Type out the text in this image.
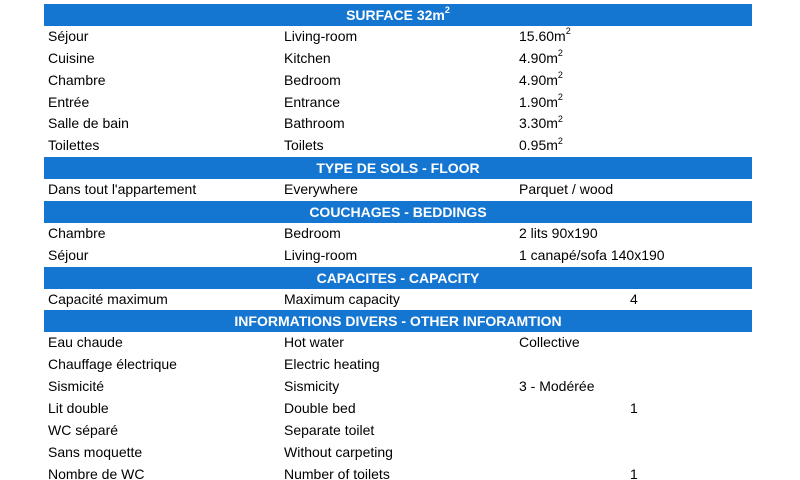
SURFACE $32m^2$
Séjour	Living-room	$15.60m^2$
Cuisine	Kitchen	$4.90m^2$
Chambre	Bedroom	$4.90m^2$
Entrée	Entrance	$1.90m^2$
Salle de bain	Bathroom	$3.30m^2$
Toilettes	Toilets	$0.95m^2$
TYPE DE SOLS - FLOOR
Dans tout l'appartement	Everywhere	Parquet / wood
COUCHAGES - BEDDINGS
Chambre	Bedroom	2 lits 90x190
Séjour	Living-room	1 canapé/sofa 140x190
CAPACITES - CAPACITY
Capacité maximum	Maximum capacity	4
INFORMATIONS DIVERS - OTHER INFORAMTION
Eau chaude	Hot water	Collective
Chauffage électrique	Electric heating
Sismicité	Sismicity	3 - Modérée
Lit double	Double bed	1
WC séparé	Separate toilet
Sans moquette	Without carpeting
Nombre de WC	Number of toilets	1
